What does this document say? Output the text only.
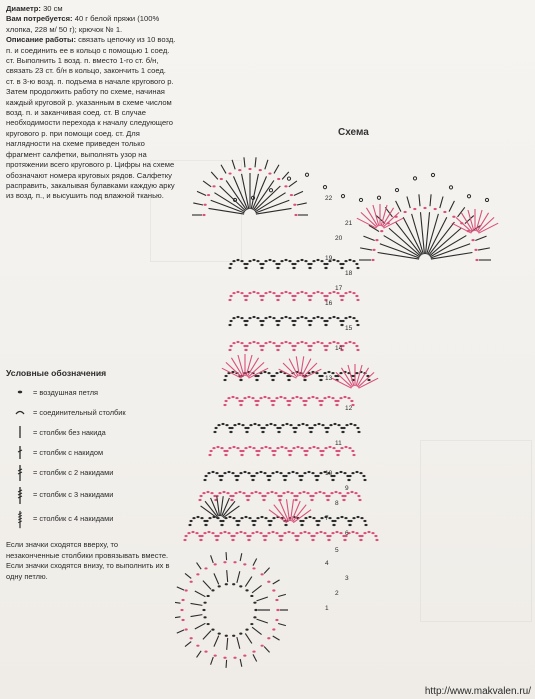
Диаметр: 30 см

Вам потребуется: 40 г белой пряжи (100% хлопка, 228 м/ 50 г); крючок № 1.

Описание работы: связать цепочку из 10 возд. п. и соединить ее в кольцо с помощью 1 соед. ст. Выполнить 1 возд. п. вместо 1-го ст. б/н, связать 23 ст. б/н в кольцо, закончить 1 соед. ст. в 3-ю возд. п. подъема в начале кругового р. Затем продолжить работу по схеме, начиная каждый круговой р. указанным в схеме числом возд. п. и заканчивая соед. ст. В случае необходимости перехода к началу следующего кругового р. при помощи соед. ст. Для наглядности на схеме приведен только фрагмент салфетки, выполнять узор на протяжении всего кругового р. Цифры на схеме обозначают номера круговых рядов. Салфетку расправить, закалывая булавками каждую арку из возд. п., и высушить под влажной тканью.

Схема
Условные обозначения
= воздушная петля
= соединительный столбик
= столбик без накида
= столбик с накидом
= столбик с 2 накидами
= столбик с 3 накидами
= столбик с 4 накидами
Если значки сходятся вверху, то незаконченные столбики провязывать вместе. Если значки сходятся внизу, то выполнить их в одну петлю.
1
2
3
4
5
6
7
8
9
10
11
12
13
14
15
16
17
18
19
20
21
22
http://www.makvalen.ru/
